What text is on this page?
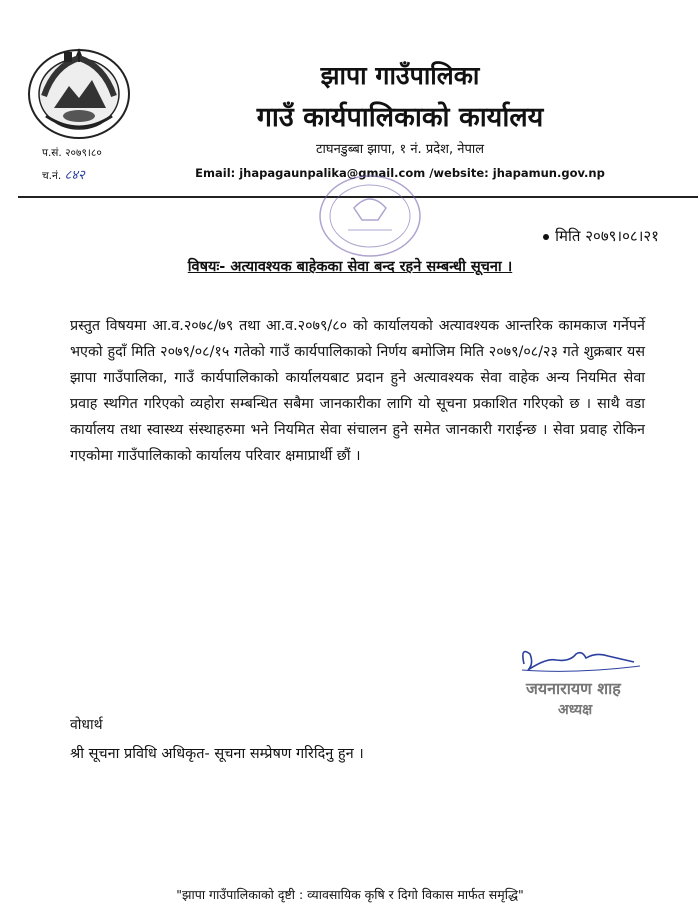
झापा गाउँपालिका
गाउँ कार्यपालिकाको कार्यालय
टाघनडुब्बा झापा, १ नं. प्रदेश, नेपाल
Email: jhapagaunpalika@gmail.com /website: jhapamun.gov.np
प.सं. २०७९।८०
च.नं. ८४२
मिति २०७९।०८।२१
विषयः- अत्यावश्यक बाहेकका सेवा बन्द रहने सम्बन्धी सूचना ।
प्रस्तुत विषयमा आ.व.२०७८/७९ तथा आ.व.२०७९/८० को कार्यालयको अत्यावश्यक आन्तरिक कामकाज गर्नेपर्ने भएको हुदाँ मिति २०७९/०८/१५ गतेको गाउँ कार्यपालिकाको निर्णय बमोजिम मिति २०७९/०८/२३ गते शुक्रबार यस झापा गाउँपालिका, गाउँ कार्यपालिकाको कार्यालयबाट प्रदान हुने अत्यावश्यक सेवा वाहेक अन्य नियमित सेवा प्रवाह स्थगित गरिएको व्यहोरा सम्बन्धित सबैमा जानकारीका लागि यो सूचना प्रकाशित गरिएको छ । साथै वडा कार्यालय तथा स्वास्थ्य संस्थाहरुमा भने नियमित सेवा संचालन हुने समेत जानकारी गराईन्छ । सेवा प्रवाह रोकिन गएकोमा गाउँपालिकाको कार्यालय परिवार क्षमाप्रार्थी छौं ।
जयनारायण शाह
अध्यक्ष
वोधार्थ
श्री सूचना प्रविधि अधिकृत- सूचना सम्प्रेषण गरिदिनु हुन ।
"झापा गाउँपालिकाको दृष्टी : व्यावसायिक कृषि र दिगो विकास मार्फत समृद्धि"
